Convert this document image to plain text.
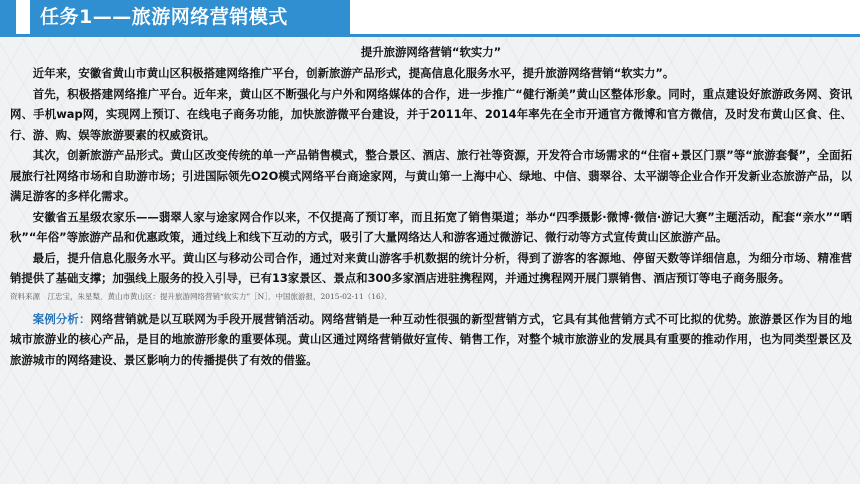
任务1——旅游网络营销模式
提升旅游网络营销“软实力”

近年来，安徽省黄山市黄山区积极搭建网络推广平台，创新旅游产品形式，提高信息化服务水平，提升旅游网络营销“软实力”。

首先，积极搭建网络推广平台。近年来，黄山区不断强化与户外和网络媒体的合作，进一步推广“健行渐美”黄山区整体形象。同时，重点建设好旅游政务网、资讯网、手机wap网，实现网上预订、在线电子商务功能，加快旅游微平台建设，并于2011年、2014年率先在全市开通官方微博和官方微信，及时发布黄山区食、住、行、游、购、娱等旅游要素的权威资讯。

其次，创新旅游产品形式。黄山区改变传统的单一产品销售模式，整合景区、酒店、旅行社等资源，开发符合市场需求的“住宿+景区门票”等“旅游套餐”，全面拓展旅行社网络市场和自助游市场；引进国际领先O2O模式网络平台商途家网，与黄山第一上海中心、绿地、中信、翡翠谷、太平湖等企业合作开发新业态旅游产品，以满足游客的多样化需求。

安徽省五星级农家乐——翡翠人家与途家网合作以来，不仅提高了预订率，而且拓宽了销售渠道；举办“四季摄影·微博·微信·游记大赛”主题活动，配套“亲水”“晒秋”“年俗”等旅游产品和优惠政策，通过线上和线下互动的方式，吸引了大量网络达人和游客通过微游记、微行动等方式宣传黄山区旅游产品。

最后，提升信息化服务水平。黄山区与移动公司合作，通过对来黄山游客手机数据的统计分析，得到了游客的客源地、停留天数等详细信息，为细分市场、精准营销提供了基础支撑；加强线上服务的投入引导，已有13家景区、景点和300多家酒店进驻携程网，并通过携程网开展门票销售、酒店预订等电子商务服务。

资料来源　江忠宝，朱星梨．黄山市黄山区：提升旅游网络营销“软实力”［N］．中国旅游报，2015-02-11（16）．

案例分析：网络营销就是以互联网为手段开展营销活动。网络营销是一种互动性很强的新型营销方式，它具有其他营销方式不可比拟的优势。旅游景区作为目的地城市旅游业的核心产品，是目的地旅游形象的重要体现。黄山区通过网络营销做好宣传、销售工作，对整个城市旅游业的发展具有重要的推动作用，也为同类型景区及旅游城市的网络建设、景区影响力的传播提供了有效的借鉴。
